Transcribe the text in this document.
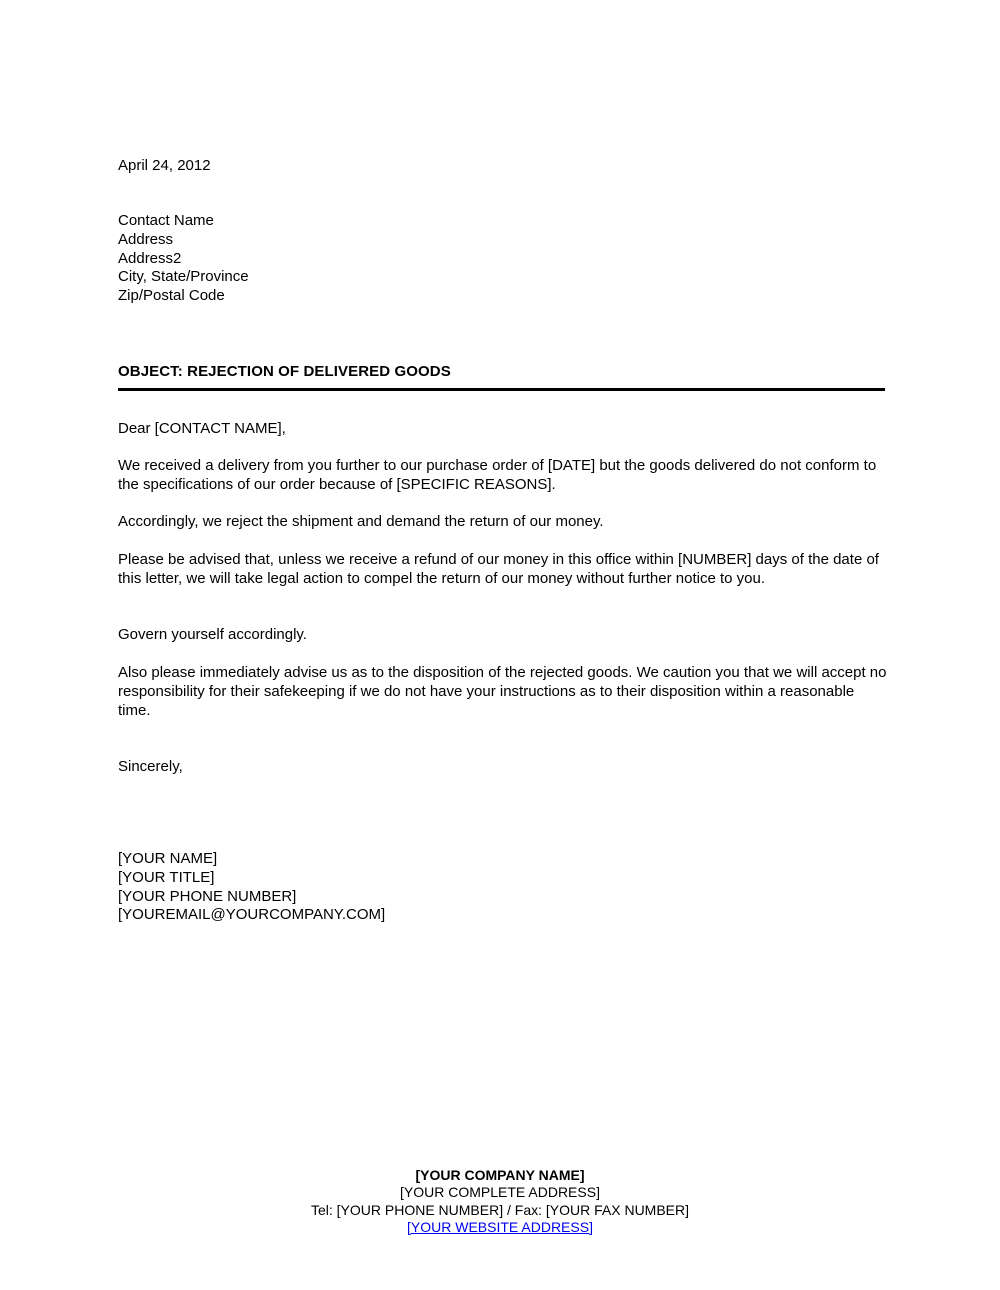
April 24, 2012
Contact Name
Address
Address2
City, State/Province
Zip/Postal Code
OBJECT: REJECTION OF DELIVERED GOODS

Dear [CONTACT NAME],

We received a delivery from you further to our purchase order of [DATE] but the goods delivered do not conform to the specifications of our order because of [SPECIFIC REASONS].

Accordingly, we reject the shipment and demand the return of our money.

Please be advised that, unless we receive a refund of our money in this office within [NUMBER] days of the date of this letter, we will take legal action to compel the return of our money without further notice to you.

Govern yourself accordingly.

Also please immediately advise us as to the disposition of the rejected goods. We caution you that we will accept no responsibility for their safekeeping if we do not have your instructions as to their disposition within a reasonable time.

Sincerely,

[YOUR NAME]
[YOUR TITLE]
[YOUR PHONE NUMBER]
[YOUREMAIL@YOURCOMPANY.COM]
[YOUR COMPANY NAME]
[YOUR COMPLETE ADDRESS]
Tel: [YOUR PHONE NUMBER] / Fax: [YOUR FAX NUMBER]
[YOUR WEBSITE ADDRESS]
